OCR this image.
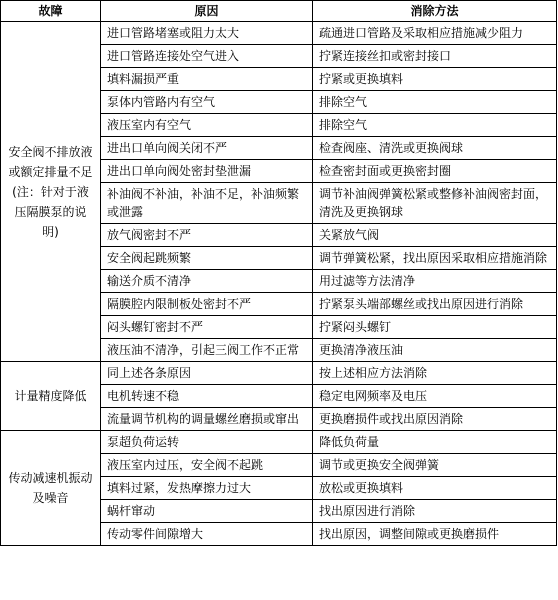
故障	原因	消除方法
安全阀不排放液或额定排量不足(注：针对于液压隔膜泵的说明)	进口管路堵塞或阻力太大	疏通进口管路及采取相应措施减少阻力
	进口管路连接处空气进入	拧紧连接丝扣或密封接口
	填料漏损严重	拧紧或更换填料
	泵体内管路内有空气	排除空气
	液压室内有空气	排除空气
	进出口单向阀关闭不严	检查阀座、清洗或更换阀球
	进出口单向阀处密封垫泄漏	检查密封面或更换密封圈
	补油阀不补油，补油不足，补油频繁或泄露	调节补油阀弹簧松紧或整修补油阀密封面，清洗及更换钢球
	放气阀密封不严	关紧放气阀
	安全阀起跳频繁	调节弹簧松紧，找出原因采取相应措施消除
	输送介质不清净	用过滤等方法清净
	隔膜腔内限制板处密封不严	拧紧泵头端部螺丝或找出原因进行消除
	闷头螺钉密封不严	拧紧闷头螺钉
	液压油不清净，引起三阀工作不正常	更换清净液压油
计量精度降低	同上述各条原因	按上述相应方法消除
	电机转速不稳	稳定电网频率及电压
	流量调节机构的调量螺丝磨损或窜出	更换磨损件或找出原因消除
传动减速机振动及噪音	泵超负荷运转	降低负荷量
	液压室内过压，安全阀不起跳	调节或更换安全阀弹簧
	填料过紧，发热摩擦力过大	放松或更换填料
	蜗杆窜动	找出原因进行消除
	传动零件间隙增大	找出原因，调整间隙或更换磨损件
